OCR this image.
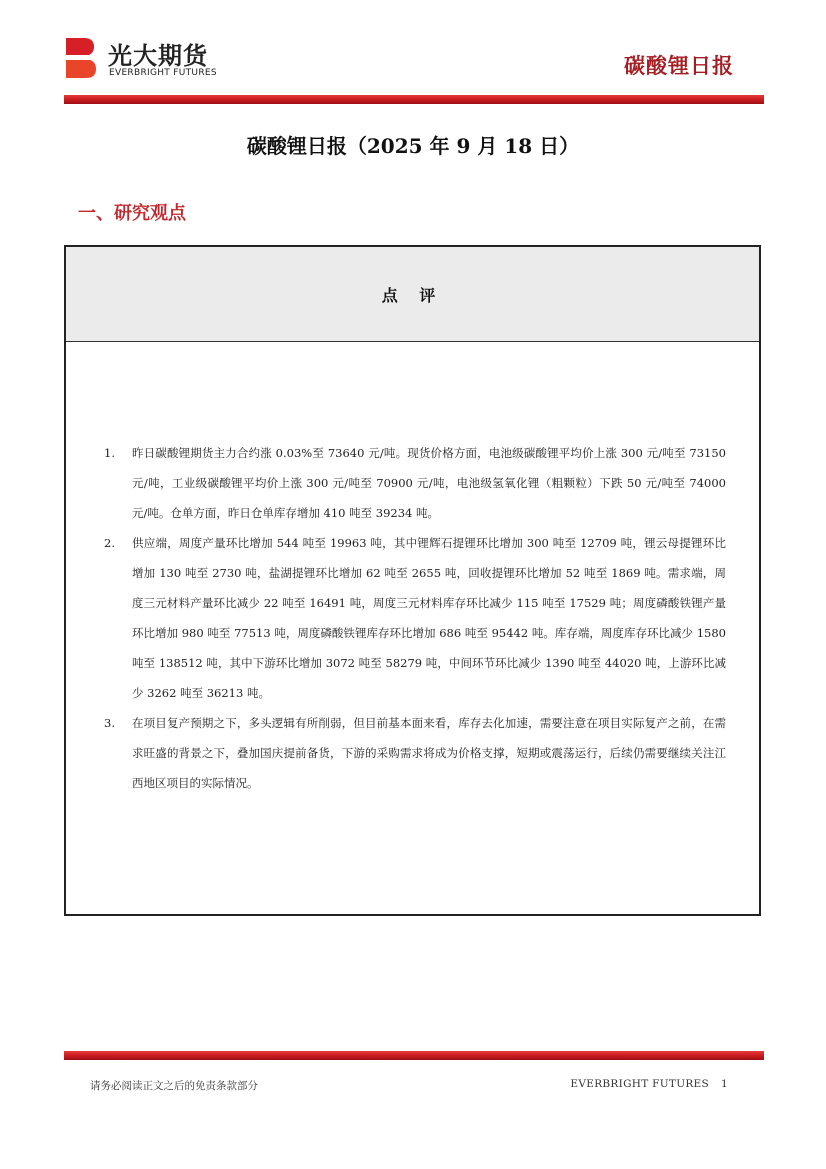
光大期货
EVERBRIGHT FUTURES	碳酸锂日报
碳酸锂日报（2025 年 9 月 18 日）
一、研究观点
点 评
1.	昨日碳酸锂期货主力合约涨 0.03%至 73640 元/吨。现货价格方面，电池级碳酸锂平均价上涨 300 元/吨至 73150 元/吨，工业级碳酸锂平均价上涨 300 元/吨至 70900 元/吨，电池级氢氧化锂（粗颗粒）下跌 50 元/吨至 74000 元/吨。仓单方面，昨日仓单库存增加 410 吨至 39234 吨。
2.	供应端，周度产量环比增加 544 吨至 19963 吨，其中锂辉石提锂环比增加 300 吨至 12709 吨，锂云母提锂环比增加 130 吨至 2730 吨，盐湖提锂环比增加 62 吨至 2655 吨，回收提锂环比增加 52 吨至 1869 吨。需求端，周度三元材料产量环比减少 22 吨至 16491 吨，周度三元材料库存环比减少 115 吨至 17529 吨；周度磷酸铁锂产量环比增加 980 吨至 77513 吨，周度磷酸铁锂库存环比增加 686 吨至 95442 吨。库存端，周度库存环比减少 1580 吨至 138512 吨，其中下游环比增加 3072 吨至 58279 吨，中间环节环比减少 1390 吨至 44020 吨，上游环比减少 3262 吨至 36213 吨。
3.	在项目复产预期之下，多头逻辑有所削弱，但目前基本面来看，库存去化加速，需要注意在项目实际复产之前，在需求旺盛的背景之下，叠加国庆提前备货，下游的采购需求将成为价格支撑，短期或震荡运行，后续仍需要继续关注江西地区项目的实际情况。
请务必阅读正文之后的免责条款部分	EVERBRIGHT FUTURES 1
